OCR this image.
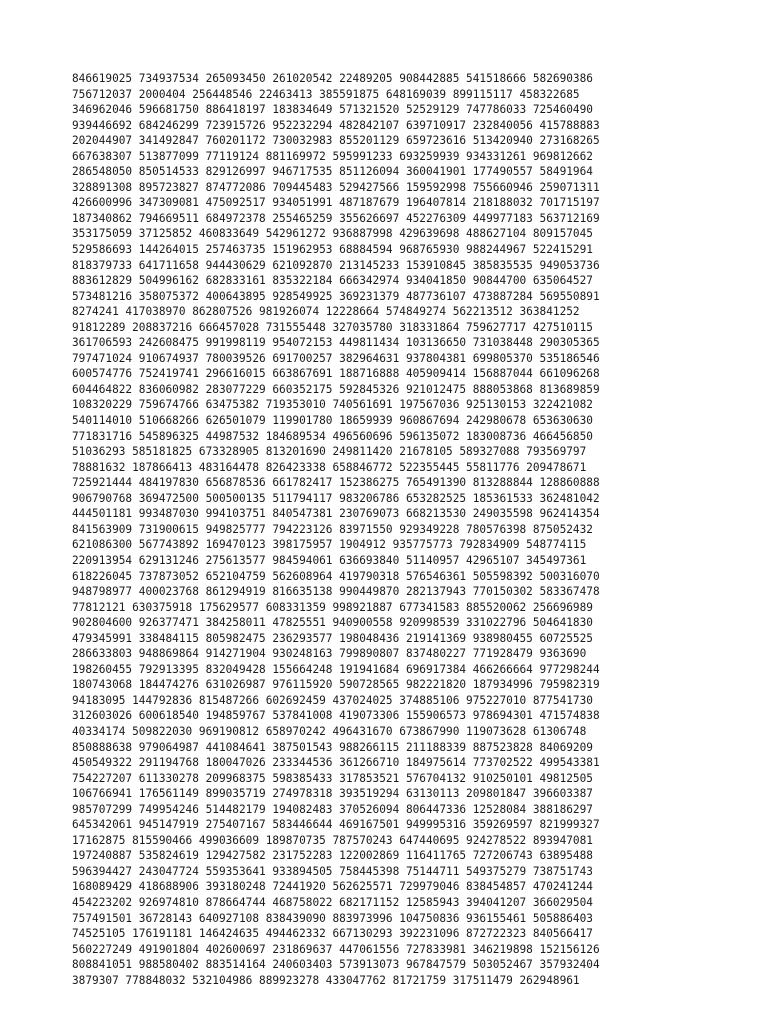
846619025 734937534 265093450 261020542 22489205 908442885 541518666 582690386
756712037 2000404 256448546 22463413 385591875 648169039 899115117 458322685
346962046 596681750 886418197 183834649 571321520 52529129 747786033 725460490
939446692 684246299 723915726 952232294 482842107 639710917 232840056 415788883
202044907 341492847 760201172 730032983 855201129 659723616 513420940 273168265
667638307 513877099 77119124 881169972 595991233 693259939 934331261 969812662
286548050 850514533 829126997 946717535 851126094 360041901 177490557 58491964
328891308 895723827 874772086 709445483 529427566 159592998 755660946 259071311
426600996 347309081 475092517 934051991 487187679 196407814 218188032 701715197
187340862 794669511 684972378 255465259 355626697 452276309 449977183 563712169
353175059 37125852 460833649 542961272 936887998 429639698 488627104 809157045
529586693 144264015 257463735 151962953 68884594 968765930 988244967 522415291
818379733 641711658 944430629 621092870 213145233 153910845 385835535 949053736
883612829 504996162 682833161 835322184 666342974 934041850 90844700 635064527
573481216 358075372 400643895 928549925 369231379 487736107 473887284 569550891
8274241 417038970 862807526 981926074 12228664 574849274 562213512 363841252
91812289 208837216 666457028 731555448 327035780 318331864 759627717 427510115
361706593 242608475 991998119 954072153 449811434 103136650 731038448 290305365
797471024 910674937 780039526 691700257 382964631 937804381 699805370 535186546
600574776 752419741 296616015 663867691 188716888 405909414 156887044 661096268
604464822 836060982 283077229 660352175 592845326 921012475 888053868 813689859
108320229 759674766 63475382 719353010 740561691 197567036 925130153 322421082
540114010 510668266 626501079 119901780 18659939 960867694 242980678 653630630
771831716 545896325 44987532 184689534 496560696 596135072 183008736 466456850
51036293 585181825 673328905 813201690 249811420 21678105 589327088 793569797
78881632 187866413 483164478 826423338 658846772 522355445 55811776 209478671
725921444 484197830 656878536 661782417 152386275 765491390 813288844 128860888
906790768 369472500 500500135 511794117 983206786 653282525 185361533 362481042
444501181 993487030 994103751 840547381 230769073 668213530 249035598 962414354
841563909 731900615 949825777 794223126 83971550 929349228 780576398 875052432
621086300 567743892 169470123 398175957 1904912 935775773 792834909 548774115
220913954 629131246 275613577 984594061 636693840 51140957 42965107 345497361
618226045 737873052 652104759 562608964 419790318 576546361 505598392 500316070
948798977 400023768 861294919 816635138 990449870 282137943 770150302 583367478
77812121 630375918 175629577 608331359 998921887 677341583 885520062 256696989
902804600 926377471 384258011 47825551 940900558 920998539 331022796 504641830
479345991 338484115 805982475 236293577 198048436 219141369 938980455 60725525
286633803 948869864 914271904 930248163 799890807 837480227 771928479 9363690
198260455 792913395 832049428 155664248 191941684 696917384 466266664 977298244
180743068 184474276 631026987 976115920 590728565 982221820 187934996 795982319
94183095 144792836 815487266 602692459 437024025 374885106 975227010 877541730
312603026 600618540 194859767 537841008 419073306 155906573 978694301 471574838
40334174 509822030 969190812 658970242 496431670 673867990 119073628 61306748
850888638 979064987 441084641 387501543 988266115 211188339 887523828 84069209
450549322 291194768 180047026 233344536 361266710 184975614 773702522 499543381
754227207 611330278 209968375 598385433 317853521 576704132 910250101 49812505
106766941 176561149 899035719 274978318 393519294 63130113 209801847 396603387
985707299 749954246 514482179 194082483 370526094 806447336 12528084 388186297
645342061 945147919 275407167 583446644 469167501 949995316 359269597 821999327
17162875 815590466 499036609 189870735 787570243 647440695 924278522 893947081
197240887 535824619 129427582 231752283 122002869 116411765 727206743 63895488
596394427 243047724 559353641 933894505 758445398 75144711 549375279 738751743
168089429 418688906 393180248 72441920 562625571 729979046 838454857 470241244
454223202 926974810 878664744 468758022 682171152 12585943 394041207 366029504
757491501 36728143 640927108 838439090 883973996 104750836 936155461 505886403
74525105 176191181 146424635 494462332 667130293 392231096 872722323 840566417
560227249 491901804 402600697 231869637 447061556 727833981 346219898 152156126
808841051 988580402 883514164 240603403 573913073 967847579 503052467 357932404
3879307 778848032 532104986 889923278 433047762 81721759 317511479 262948961
